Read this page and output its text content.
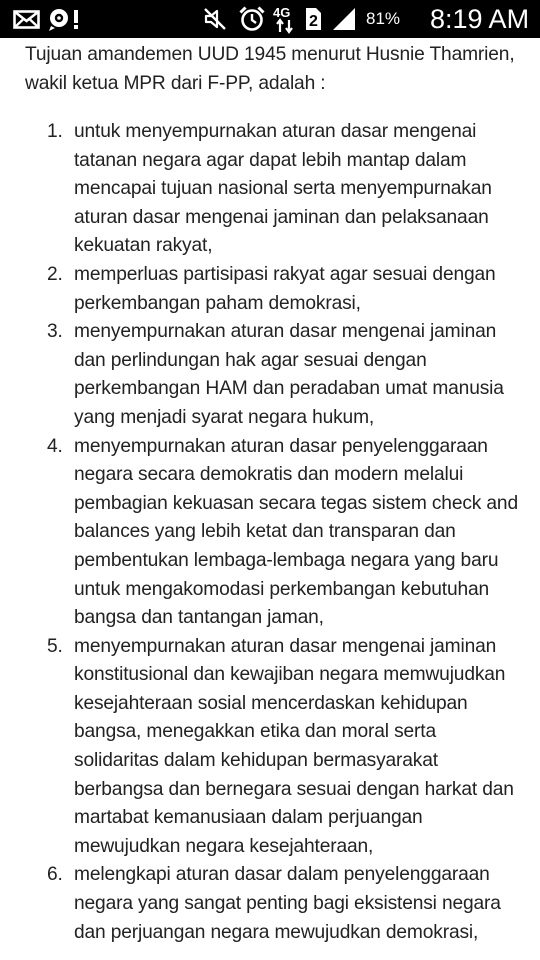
4G
2	81% 8:19 AM

Tujuan amandemen UUD 1945 menurut Husnie Thamrien, wakil ketua MPR dari F-PP, adalah :

1. untuk menyempurnakan aturan dasar mengenai tatanan negara agar dapat lebih mantap dalam mencapai tujuan nasional serta menyempurnakan aturan dasar mengenai jaminan dan pelaksanaan kekuatan rakyat,
2. memperluas partisipasi rakyat agar sesuai dengan perkembangan paham demokrasi,
3. menyempurnakan aturan dasar mengenai jaminan dan perlindungan hak agar sesuai dengan perkembangan HAM dan peradaban umat manusia yang menjadi syarat negara hukum,
4. menyempurnakan aturan dasar penyelenggaraan negara secara demokratis dan modern melalui pembagian kekuasan secara tegas sistem check and balances yang lebih ketat dan transparan dan pembentukan lembaga-lembaga negara yang baru untuk mengakomodasi perkembangan kebutuhan bangsa dan tantangan jaman,
5. menyempurnakan aturan dasar mengenai jaminan konstitusional dan kewajiban negara memwujudkan kesejahteraan sosial mencerdaskan kehidupan bangsa, menegakkan etika dan moral serta solidaritas dalam kehidupan bermasyarakat berbangsa dan bernegara sesuai dengan harkat dan martabat kemanusiaan dalam perjuangan mewujudkan negara kesejahteraan,
6. melengkapi aturan dasar dalam penyelenggaraan negara yang sangat penting bagi eksistensi negara dan perjuangan negara mewujudkan demokrasi,
